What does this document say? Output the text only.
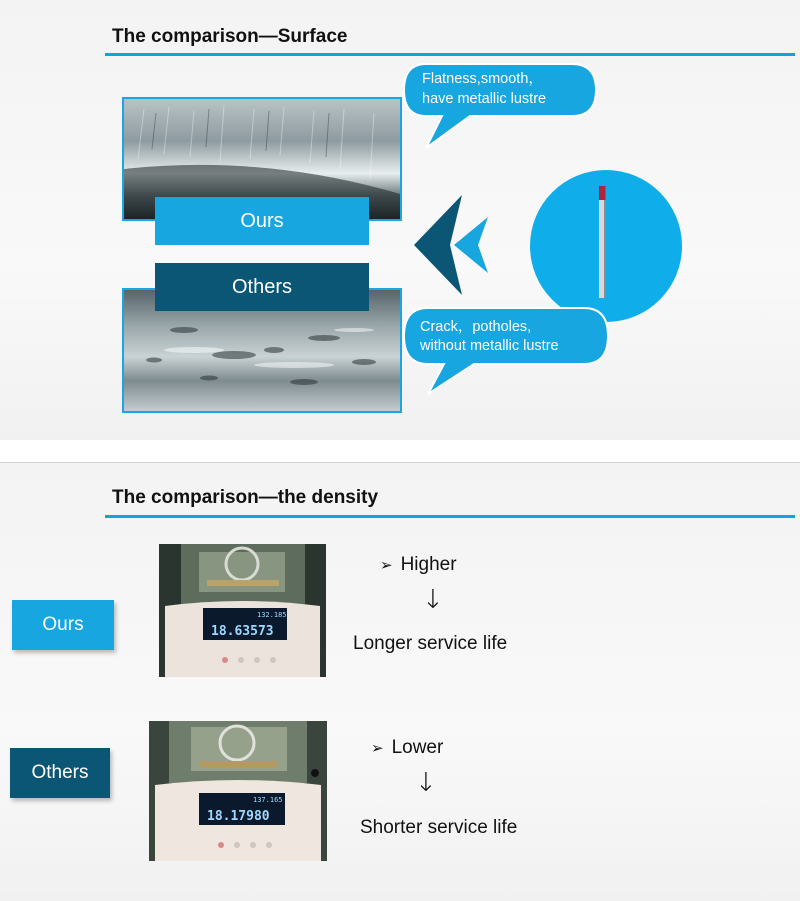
The comparison—Surface
Ours
Others
Flatness,smooth，
have metallic lustre
Crack，potholes,
without metallic lustre
The comparison—the density
Ours	18.63573
132.185
➢ Higher
↓
Longer service life
Others
18.17980
137.165
➢ Lower
↓
Shorter service life
